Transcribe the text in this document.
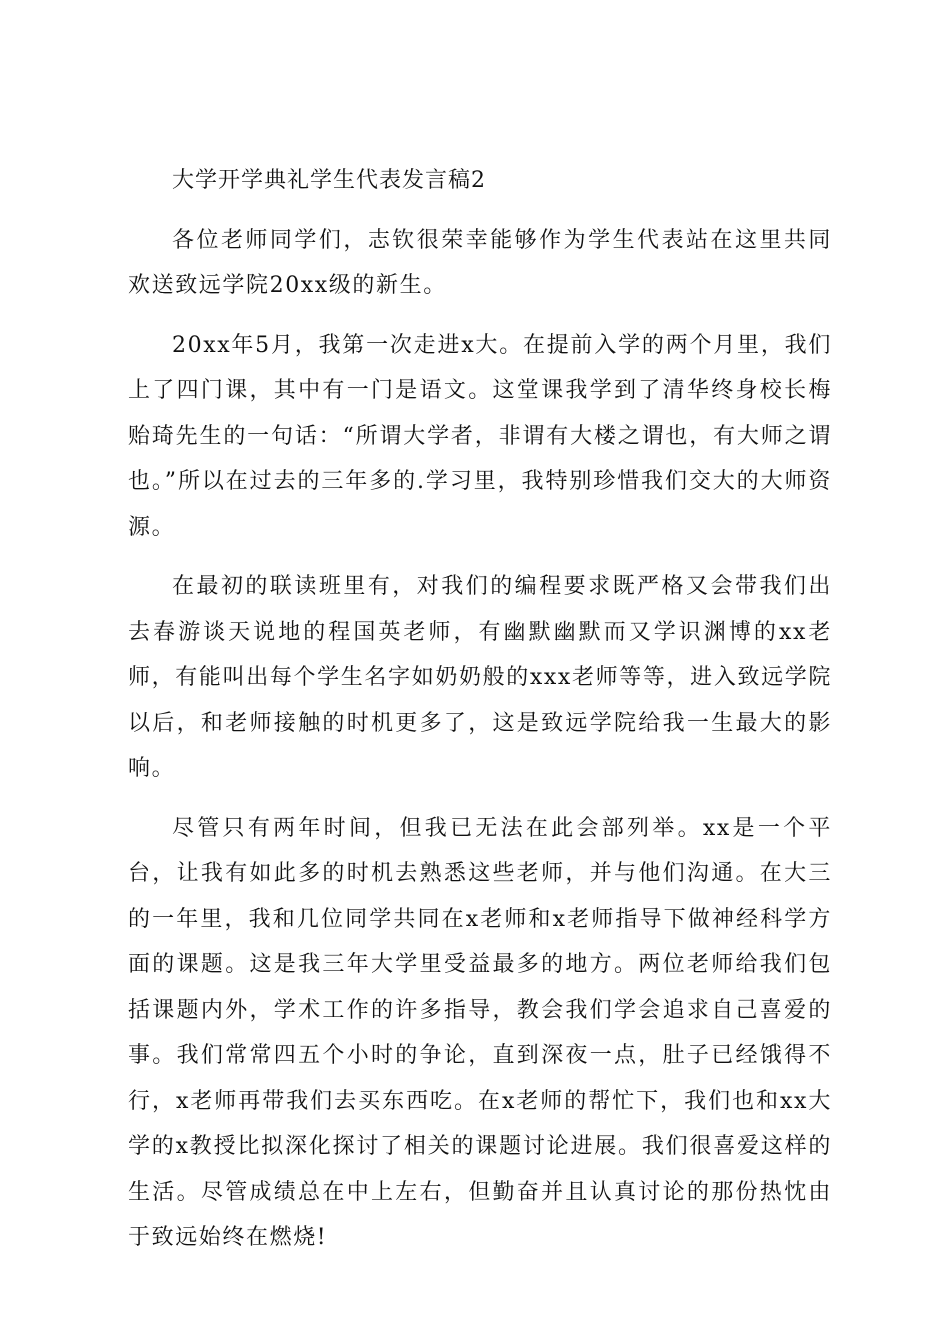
大学开学典礼学生代表发言稿2

各位老师同学们，志钦很荣幸能够作为学生代表站在这里共同欢送致远学院20xx级的新生。

20xx年5月，我第一次走进x大。在提前入学的两个月里，我们上了四门课，其中有一门是语文。这堂课我学到了清华终身校长梅贻琦先生的一句话：“所谓大学者，非谓有大楼之谓也，有大师之谓也。”所以在过去的三年多的.学习里，我特别珍惜我们交大的大师资源。

在最初的联读班里有，对我们的编程要求既严格又会带我们出去春游谈天说地的程国英老师，有幽默幽默而又学识渊博的xx老师，有能叫出每个学生名字如奶奶般的xxx老师等等，进入致远学院以后，和老师接触的时机更多了，这是致远学院给我一生最大的影响。

尽管只有两年时间，但我已无法在此会部列举。xx是一个平台，让我有如此多的时机去熟悉这些老师，并与他们沟通。在大三的一年里，我和几位同学共同在x老师和x老师指导下做神经科学方面的课题。这是我三年大学里受益最多的地方。两位老师给我们包括课题内外，学术工作的许多指导，教会我们学会追求自己喜爱的事。我们常常四五个小时的争论，直到深夜一点，肚子已经饿得不行，x老师再带我们去买东西吃。在x老师的帮忙下，我们也和xx大学的x教授比拟深化探讨了相关的课题讨论进展。我们很喜爱这样的生活。尽管成绩总在中上左右，但勤奋并且认真讨论的那份热忱由于致远始终在燃烧!
